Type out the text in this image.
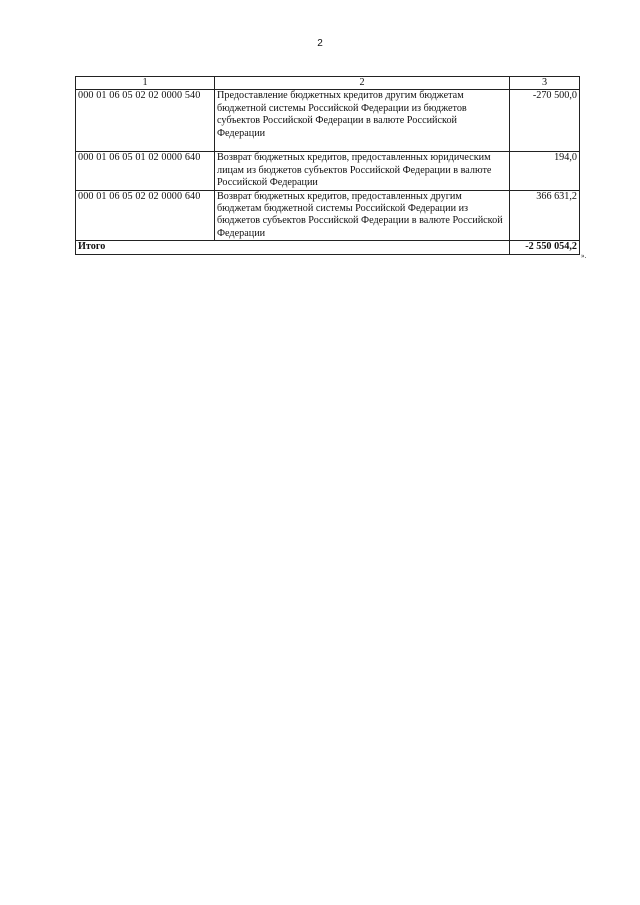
2
1	2	3
000 01 06 05 02 02 0000 540	Предоставление бюджетных кредитов другим бюджетам бюджетной системы Российской Федерации из бюджетов субъектов Российской Федерации в валюте Российской Федерации	-270 500,0
000 01 06 05 01 02 0000 640	Возврат бюджетных кредитов, предоставленных юридическим лицам из бюджетов субъектов Российской Федерации в валюте Российской Федерации	194,0
000 01 06 05 02 02 0000 640	Возврат бюджетных кредитов, предоставленных другим бюджетам бюджетной системы Российской Федерации из бюджетов субъектов Российской Федерации в валюте Российской Федерации	366 631,2
Итого		-2 550 054,2
».
